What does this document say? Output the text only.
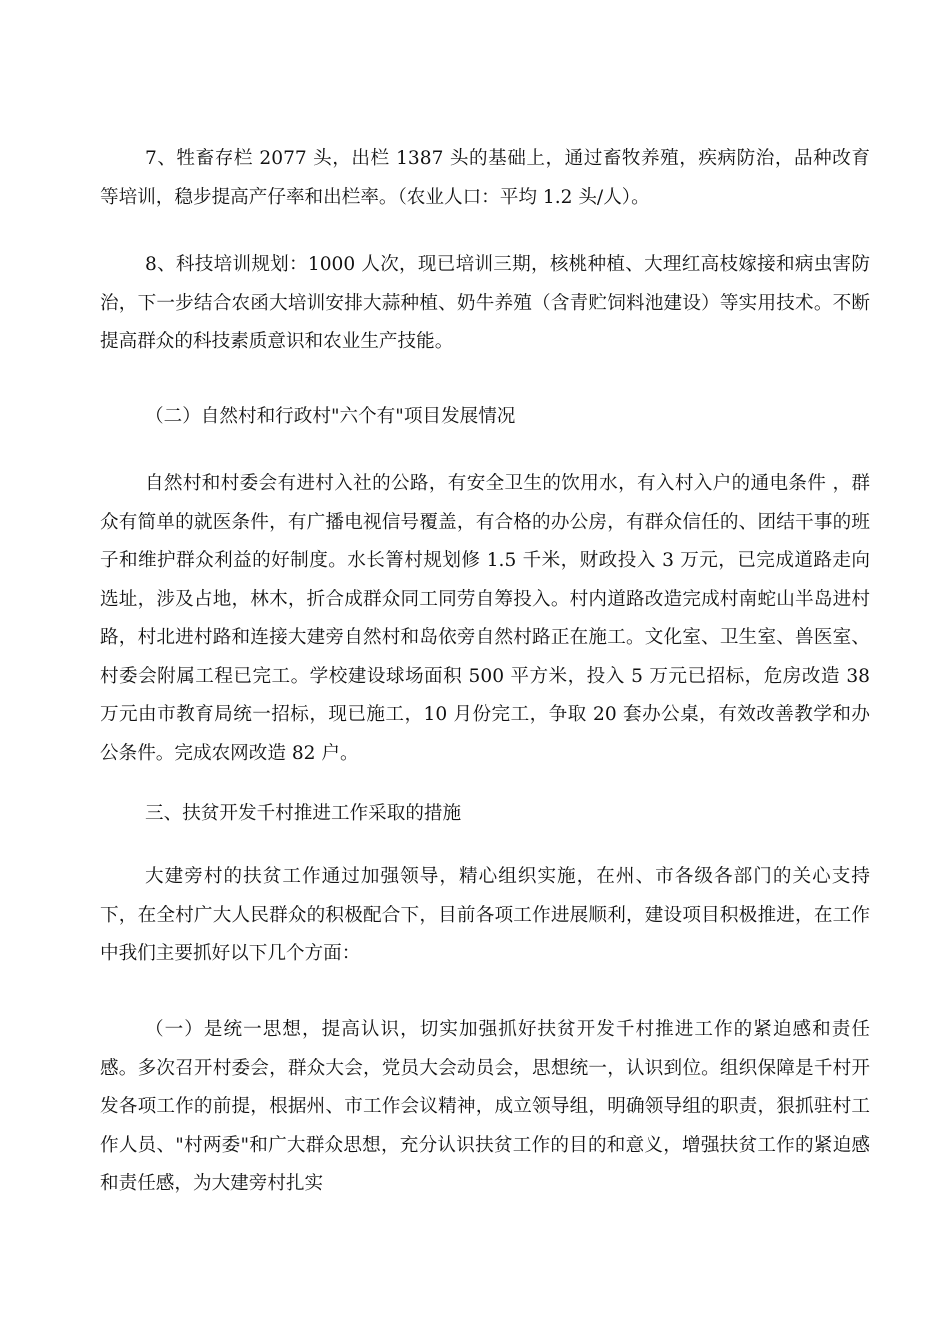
7、牲畜存栏 2077 头，出栏 1387 头的基础上，通过畜牧养殖，疾病防治，品种改育等培训，稳步提高产仔率和出栏率。（农业人口：平均 1.2 头/人）。

8、科技培训规划：1000 人次，现已培训三期，核桃种植、大理红高枝嫁接和病虫害防治，下一步结合农函大培训安排大蒜种植、奶牛养殖（含青贮饲料池建设）等实用技术。不断提高群众的科技素质意识和农业生产技能。

（二）自然村和行政村"六个有"项目发展情况

自然村和村委会有进村入社的公路，有安全卫生的饮用水，有入村入户的通电条件 ，群众有简单的就医条件，有广播电视信号覆盖，有合格的办公房，有群众信任的、团结干事的班子和维护群众利益的好制度。水长箐村规划修 1.5 千米，财政投入 3 万元，已完成道路走向选址，涉及占地，林木，折合成群众同工同劳自筹投入。村内道路改造完成村南蛇山半岛进村路，村北进村路和连接大建旁自然村和岛依旁自然村路正在施工。文化室、卫生室、兽医室、村委会附属工程已完工。学校建设球场面积 500 平方米，投入 5 万元已招标，危房改造 38 万元由市教育局统一招标，现已施工，10 月份完工，争取 20 套办公桌，有效改善教学和办公条件。完成农网改造 82 户。

三、扶贫开发千村推进工作采取的措施

大建旁村的扶贫工作通过加强领导，精心组织实施，在州、市各级各部门的关心支持下，在全村广大人民群众的积极配合下，目前各项工作进展顺利，建设项目积极推进，在工作中我们主要抓好以下几个方面：

（一）是统一思想，提高认识，切实加强抓好扶贫开发千村推进工作的紧迫感和责任感。多次召开村委会，群众大会，党员大会动员会，思想统一，认识到位。组织保障是千村开发各项工作的前提，根据州、市工作会议精神，成立领导组，明确领导组的职责，狠抓驻村工作人员、"村两委"和广大群众思想，充分认识扶贫工作的目的和意义，增强扶贫工作的紧迫感和责任感，为大建旁村扎实
